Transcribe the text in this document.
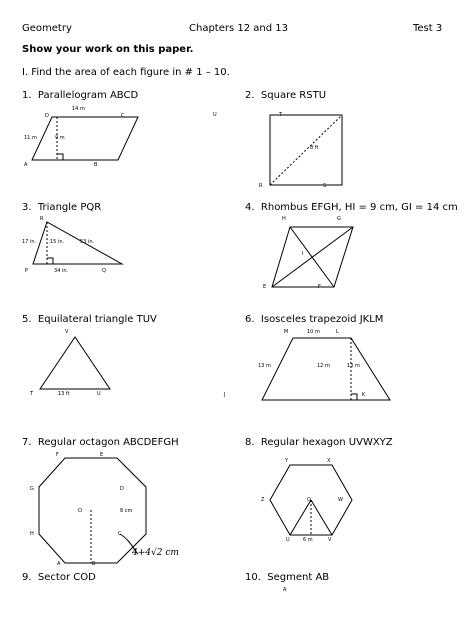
Geometry	Chapters 12 and 13	Test 3
Show your work on this paper.
I. Find the area of each figure in # 1 – 10.
1. Parallelogram ABCD	2. Square RSTU
3. Triangle PQR	4. Rhombus EFGH, HI = 9 cm, GI = 14 cm
5. Equilateral triangle TUV	6. Isosceles trapezoid JKLM
7. Regular octagon ABCDEFGH	8. Regular hexagon UVWXYZ
9. Sector COD	10. Segment AB
14 m
11 m	9 m
D	C
A	B
T
U
8 ft
R	S
R
17 in.	15 in.	53 in.
P	34 in.	Q
H	G
I
E	F
V
T	13 ft	U
M	10 m	L
13 m	12 m	13 m
J	K
F	E
G	D
O	8 cm
H	C
A	B
4+4√2 cm
Y	X
Z	O	W
U	6 m	V
A
